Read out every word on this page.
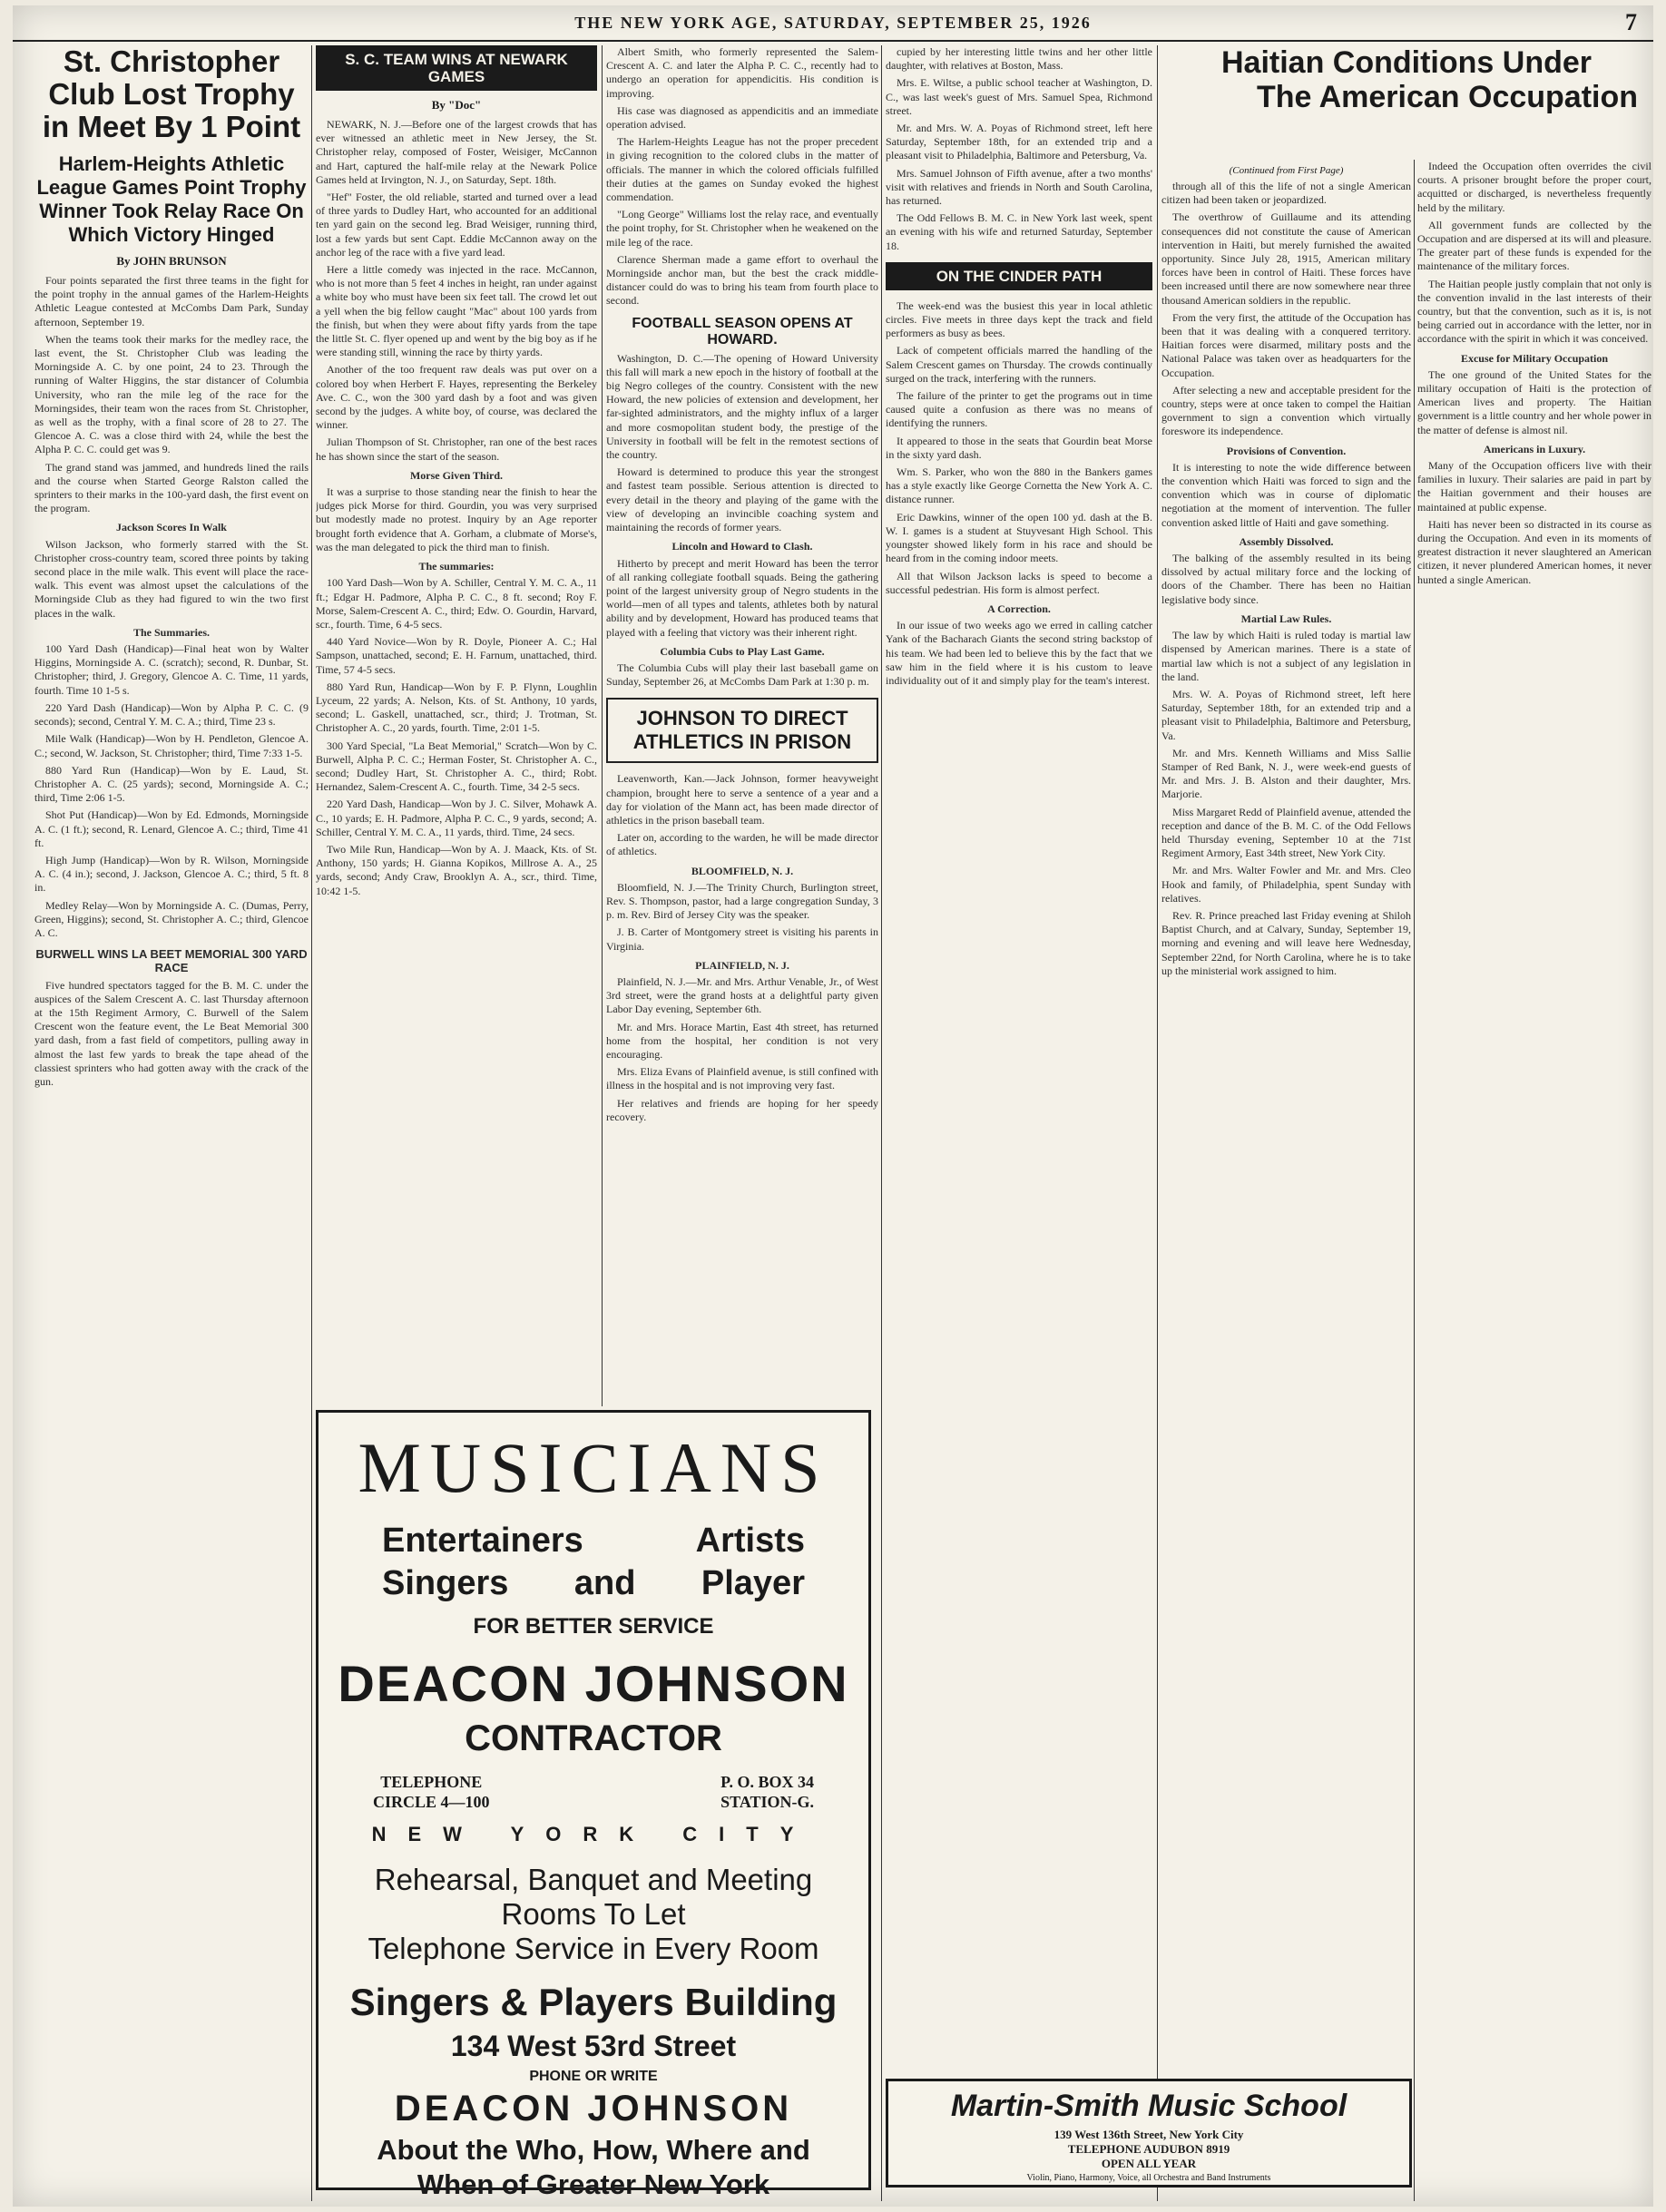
THE NEW YORK AGE, SATURDAY, SEPTEMBER 25, 1926	7
St. Christopher Club Lost Trophy in Meet By 1 Point
Harlem-Heights Athletic League Games Point Trophy Winner Took Relay Race On Which Victory Hinged
By JOHN BRUNSON

Four points separated the first three teams in the fight for the point trophy in the annual games of the Harlem-Heights Athletic League contested at McCombs Dam Park, Sunday afternoon, September 19.

When the teams took their marks for the medley race, the last event, the St. Christopher Club was leading the Morningside A. C. by one point, 24 to 23. Through the running of Walter Higgins, the star distancer of Columbia University, who ran the mile leg of the race for the Morningsides, their team won the races from St. Christopher, as well as the trophy, with a final score of 28 to 27. The Glencoe A. C. was a close third with 24, while the best the Alpha P. C. C. could get was 9.

The grand stand was jammed, and hundreds lined the rails and the course when Started George Ralston called the sprinters to their marks in the 100-yard dash, the first event on the program.

Jackson Scores In Walk

Wilson Jackson, who formerly starred with the St. Christopher cross-country team, scored three points by taking second place in the mile walk. This event will place the race-walk. This event was almost upset the calculations of the Morningside Club as they had figured to win the two first places in the walk.

The Summaries.

100 Yard Dash (Handicap)—Final heat won by Walter Higgins, Morningside A. C. (scratch); second, R. Dunbar, St. Christopher; third, J. Gregory, Glencoe A. C. Time, 11 yards, fourth. Time 10 1-5 s.

220 Yard Dash (Handicap)—Won by Alpha P. C. C. (9 seconds); second, Central Y. M. C. A.; third, Time 23 s.

Mile Walk (Handicap)—Won by H. Pendleton, Glencoe A. C.; second, W. Jackson, St. Christopher; third, Time 7:33 1-5.

880 Yard Run (Handicap)—Won by E. Laud, St. Christopher A. C. (25 yards); second, Morningside A. C.; third, Time 2:06 1-5.

Shot Put (Handicap)—Won by Ed. Edmonds, Morningside A. C. (1 ft.); second, R. Lenard, Glencoe A. C.; third, Time 41 ft.

High Jump (Handicap)—Won by R. Wilson, Morningside A. C. (4 in.); second, J. Jackson, Glencoe A. C.; third, 5 ft. 8 in.

Medley Relay—Won by Morningside A. C. (Dumas, Perry, Green, Higgins); second, St. Christopher A. C.; third, Glencoe A. C.

BURWELL WINS LA BEET MEMORIAL 300 YARD RACE

Five hundred spectators tagged for the B. M. C. under the auspices of the Salem Crescent A. C. last Thursday afternoon at the 15th Regiment Armory, C. Burwell of the Salem Crescent won the feature event, the Le Beat Memorial 300 yard dash, from a fast field of competitors, pulling away in almost the last few yards to break the tape ahead of the classiest sprinters who had gotten away with the crack of the gun.

S. C. TEAM WINS AT NEWARK GAMES
By "Doc"

NEWARK, N. J.—Before one of the largest crowds that has ever witnessed an athletic meet in New Jersey, the St. Christopher relay, composed of Foster, Weisiger, McCannon and Hart, captured the half-mile relay at the Newark Police Games held at Irvington, N. J., on Saturday, Sept. 18th.

"Hef" Foster, the old reliable, started and turned over a lead of three yards to Dudley Hart, who accounted for an additional ten yard gain on the second leg. Brad Weisiger, running third, lost a few yards but sent Capt. Eddie McCannon away on the anchor leg of the race with a five yard lead.

Here a little comedy was injected in the race. McCannon, who is not more than 5 feet 4 inches in height, ran under against a white boy who must have been six feet tall. The crowd let out a yell when the big fellow caught "Mac" about 100 yards from the finish, but when they were about fifty yards from the tape the little St. C. flyer opened up and went by the big boy as if he were standing still, winning the race by thirty yards.

Another of the too frequent raw deals was put over on a colored boy when Herbert F. Hayes, representing the Berkeley Ave. C. C., won the 300 yard dash by a foot and was given second by the judges. A white boy, of course, was declared the winner.

Julian Thompson of St. Christopher, ran one of the best races he has shown since the start of the season.

Morse Given Third.

It was a surprise to those standing near the finish to hear the judges pick Morse for third. Gourdin, you was very surprised but modestly made no protest. Inquiry by an Age reporter brought forth evidence that A. Gorham, a clubmate of Morse's, was the man delegated to pick the third man to finish.

The summaries:

100 Yard Dash—Won by A. Schiller, Central Y. M. C. A., 11 ft.; Edgar H. Padmore, Alpha P. C. C., 8 ft. second; Roy F. Morse, Salem-Crescent A. C., third; Edw. O. Gourdin, Harvard, scr., fourth. Time, 6 4-5 secs.

440 Yard Novice—Won by R. Doyle, Pioneer A. C.; Hal Sampson, unattached, second; E. H. Farnum, unattached, third. Time, 57 4-5 secs.

880 Yard Run, Handicap—Won by F. P. Flynn, Loughlin Lyceum, 22 yards; A. Nelson, Kts. of St. Anthony, 10 yards, second; L. Gaskell, unattached, scr., third; J. Trotman, St. Christopher A. C., 20 yards, fourth. Time, 2:01 1-5.

300 Yard Special, "La Beat Memorial," Scratch—Won by C. Burwell, Alpha P. C. C.; Herman Foster, St. Christopher A. C., second; Dudley Hart, St. Christopher A. C., third; Robt. Hernandez, Salem-Crescent A. C., fourth. Time, 34 2-5 secs.

220 Yard Dash, Handicap—Won by J. C. Silver, Mohawk A. C., 10 yards; E. H. Padmore, Alpha P. C. C., 9 yards, second; A. Schiller, Central Y. M. C. A., 11 yards, third. Time, 24 secs.

Two Mile Run, Handicap—Won by A. J. Maack, Kts. of St. Anthony, 150 yards; H. Gianna Kopikos, Millrose A. A., 25 yards, second; Andy Craw, Brooklyn A. A., scr., third. Time, 10:42 1-5.

Albert Smith, who formerly represented the Salem-Crescent A. C. and later the Alpha P. C. C., recently had to undergo an operation for appendicitis. His condition is improving.

His case was diagnosed as appendicitis and an immediate operation advised.

The Harlem-Heights League has not the proper precedent in giving recognition to the colored clubs in the matter of officials. The manner in which the colored officials fulfilled their duties at the games on Sunday evoked the highest commendation.

"Long George" Williams lost the relay race, and eventually the point trophy, for St. Christopher when he weakened on the mile leg of the race.

Clarence Sherman made a game effort to overhaul the Morningside anchor man, but the best the crack middle-distancer could do was to bring his team from fourth place to second.

FOOTBALL SEASON OPENS AT HOWARD.

Washington, D. C.—The opening of Howard University this fall will mark a new epoch in the history of football at the big Negro colleges of the country. Consistent with the new Howard, the new policies of extension and development, her far-sighted administrators, and the mighty influx of a larger and more cosmopolitan student body, the prestige of the University in football will be felt in the remotest sections of the country.

Howard is determined to produce this year the strongest and fastest team possible. Serious attention is directed to every detail in the theory and playing of the game with the view of developing an invincible coaching system and maintaining the records of former years.

Lincoln and Howard to Clash.

Hitherto by precept and merit Howard has been the terror of all ranking collegiate football squads. Being the gathering point of the largest university group of Negro students in the world—men of all types and talents, athletes both by natural ability and by development, Howard has produced teams that played with a feeling that victory was their inherent right.

Columbia Cubs to Play Last Game.

The Columbia Cubs will play their last baseball game on Sunday, September 26, at McCombs Dam Park at 1:30 p. m.

JOHNSON TO DIRECT ATHLETICS IN PRISON

Leavenworth, Kan.—Jack Johnson, former heavyweight champion, brought here to serve a sentence of a year and a day for violation of the Mann act, has been made director of athletics in the prison baseball team.

Later on, according to the warden, he will be made director of athletics.

BLOOMFIELD, N. J.

Bloomfield, N. J.—The Trinity Church, Burlington street, Rev. S. Thompson, pastor, had a large congregation Sunday, 3 p. m. Rev. Bird of Jersey City was the speaker.

J. B. Carter of Montgomery street is visiting his parents in Virginia.

PLAINFIELD, N. J.

Plainfield, N. J.—Mr. and Mrs. Arthur Venable, Jr., of West 3rd street, were the grand hosts at a delightful party given Labor Day evening, September 6th.

Mr. and Mrs. Horace Martin, East 4th street, has returned home from the hospital, her condition is not very encouraging.

Mrs. Eliza Evans of Plainfield avenue, is still confined with illness in the hospital and is not improving very fast.

Her relatives and friends are hoping for her speedy recovery.

cupied by her interesting little twins and her other little daughter, with relatives at Boston, Mass.

Mrs. E. Wiltse, a public school teacher at Washington, D. C., was last week's guest of Mrs. Samuel Spea, Richmond street.

Mr. and Mrs. W. A. Poyas of Richmond street, left here Saturday, September 18th, for an extended trip and a pleasant visit to Philadelphia, Baltimore and Petersburg, Va.

Mrs. Samuel Johnson of Fifth avenue, after a two months' visit with relatives and friends in North and South Carolina, has returned.

The Odd Fellows B. M. C. in New York last week, spent an evening with his wife and returned Saturday, September 18.

ON THE CINDER PATH

The week-end was the busiest this year in local athletic circles. Five meets in three days kept the track and field performers as busy as bees.

Lack of competent officials marred the handling of the Salem Crescent games on Thursday. The crowds continually surged on the track, interfering with the runners.

The failure of the printer to get the programs out in time caused quite a confusion as there was no means of identifying the runners.

It appeared to those in the seats that Gourdin beat Morse in the sixty yard dash.

Wm. S. Parker, who won the 880 in the Bankers games has a style exactly like George Cornetta the New York A. C. distance runner.

Eric Dawkins, winner of the open 100 yd. dash at the B. W. I. games is a student at Stuyvesant High School. This youngster showed likely form in his race and should be heard from in the coming indoor meets.

All that Wilson Jackson lacks is speed to become a successful pedestrian. His form is almost perfect.

A Correction.

In our issue of two weeks ago we erred in calling catcher Yank of the Bacharach Giants the second string backstop of his team. We had been led to believe this by the fact that we saw him in the field where it is his custom to leave individuality out of it and simply play for the team's interest.

(Continued from First Page)

through all of this the life of not a single American citizen had been taken or jeopardized.

The overthrow of Guillaume and its attending consequences did not constitute the cause of American intervention in Haiti, but merely furnished the awaited opportunity. Since July 28, 1915, American military forces have been in control of Haiti. These forces have been increased until there are now somewhere near three thousand American soldiers in the republic.

From the very first, the attitude of the Occupation has been that it was dealing with a conquered territory. Haitian forces were disarmed, military posts and the National Palace was taken over as headquarters for the Occupation.

After selecting a new and acceptable president for the country, steps were at once taken to compel the Haitian government to sign a convention which virtually foreswore its independence.

Provisions of Convention.

It is interesting to note the wide difference between the convention which Haiti was forced to sign and the convention which was in course of diplomatic negotiation at the moment of intervention. The fuller convention asked little of Haiti and gave something.

Assembly Dissolved.

The balking of the assembly resulted in its being dissolved by actual military force and the locking of doors of the Chamber. There has been no Haitian legislative body since.

Martial Law Rules.

The law by which Haiti is ruled today is martial law dispensed by American marines. There is a state of martial law which is not a subject of any legislation in the land.

Mrs. W. A. Poyas of Richmond street, left here Saturday, September 18th, for an extended trip and a pleasant visit to Philadelphia, Baltimore and Petersburg, Va.

Mr. and Mrs. Kenneth Williams and Miss Sallie Stamper of Red Bank, N. J., were week-end guests of Mr. and Mrs. J. B. Alston and their daughter, Mrs. Marjorie.

Miss Margaret Redd of Plainfield avenue, attended the reception and dance of the B. M. C. of the Odd Fellows held Thursday evening, September 10 at the 71st Regiment Armory, East 34th street, New York City.

Mr. and Mrs. Walter Fowler and Mr. and Mrs. Cleo Hook and family, of Philadelphia, spent Sunday with relatives.

Rev. R. Prince preached last Friday evening at Shiloh Baptist Church, and at Calvary, Sunday, September 19, morning and evening and will leave here Wednesday, September 22nd, for North Carolina, where he is to take up the ministerial work assigned to him.

Indeed the Occupation often overrides the civil courts. A prisoner brought before the proper court, acquitted or discharged, is nevertheless frequently held by the military.

All government funds are collected by the Occupation and are dispersed at its will and pleasure. The greater part of these funds is expended for the maintenance of the military forces.

The Haitian people justly complain that not only is the convention invalid in the last interests of their country, but that the convention, such as it is, is not being carried out in accordance with the letter, nor in accordance with the spirit in which it was conceived.

Excuse for Military Occupation

The one ground of the United States for the military occupation of Haiti is the protection of American lives and property. The Haitian government is a little country and her whole power in the matter of defense is almost nil.

Americans in Luxury.

Many of the Occupation officers live with their families in luxury. Their salaries are paid in part by the Haitian government and their houses are maintained at public expense.

Haiti has never been so distracted in its course as during the Occupation. And even in its moments of greatest distraction it never slaughtered an American citizen, it never plundered American homes, it never hunted a single American.

Haitian Conditions Under
The American Occupation
MUSICIANS
Entertainers	Artists
Singers and Player
FOR BETTER SERVICE
DEACON JOHNSON
CONTRACTOR
TELEPHONE
CIRCLE 4—100
P. O. BOX 34
STATION-G.
NEW YORK CITY
Rehearsal, Banquet and Meeting
Rooms To Let
Telephone Service in Every Room
Singers & Players Building
134 West 53rd Street
PHONE OR WRITE
DEACON JOHNSON
About the Who, How, Where and
When of Greater New York
Martin-Smith Music School
139 West 136th Street, New York City
TELEPHONE AUDUBON 8919
OPEN ALL YEAR
Violin, Piano, Harmony, Voice, all Orchestra and Band Instruments
